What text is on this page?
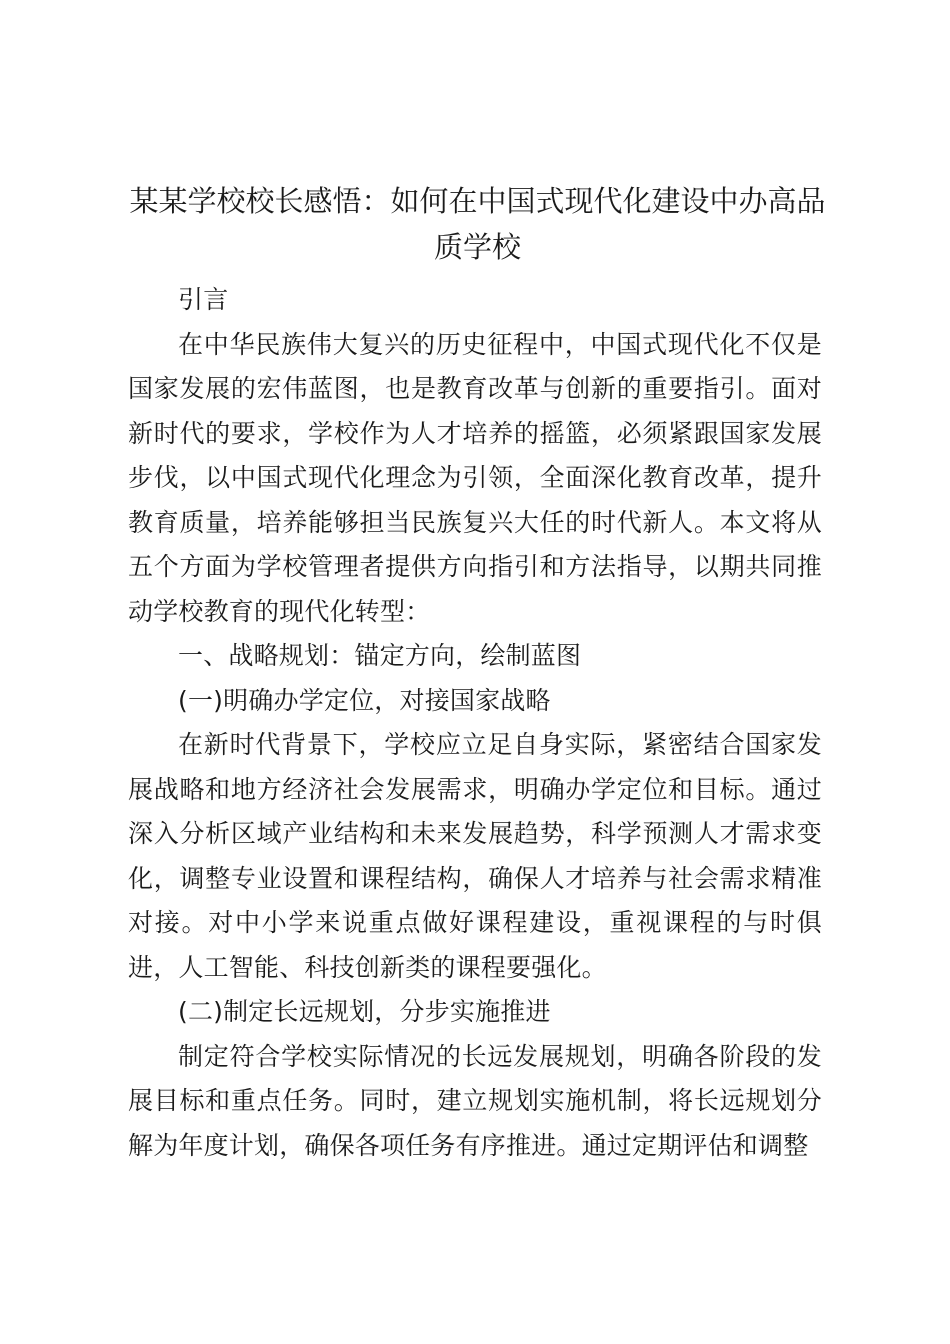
某某学校校长感悟：如何在中国式现代化建设中办高品质学校

引言

在中华民族伟大复兴的历史征程中，中国式现代化不仅是国家发展的宏伟蓝图，也是教育改革与创新的重要指引。面对新时代的要求，学校作为人才培养的摇篮，必须紧跟国家发展步伐，以中国式现代化理念为引领，全面深化教育改革，提升教育质量，培养能够担当民族复兴大任的时代新人。本文将从五个方面为学校管理者提供方向指引和方法指导，以期共同推动学校教育的现代化转型：

一、战略规划：锚定方向，绘制蓝图

(一)明确办学定位，对接国家战略

在新时代背景下，学校应立足自身实际，紧密结合国家发展战略和地方经济社会发展需求，明确办学定位和目标。通过深入分析区域产业结构和未来发展趋势，科学预测人才需求变化，调整专业设置和课程结构，确保人才培养与社会需求精准对接。对中小学来说重点做好课程建设，重视课程的与时俱进，人工智能、科技创新类的课程要强化。

(二)制定长远规划，分步实施推进

制定符合学校实际情况的长远发展规划，明确各阶段的发展目标和重点任务。同时，建立规划实施机制，将长远规划分解为年度计划，确保各项任务有序推进。通过定期评估和调整
